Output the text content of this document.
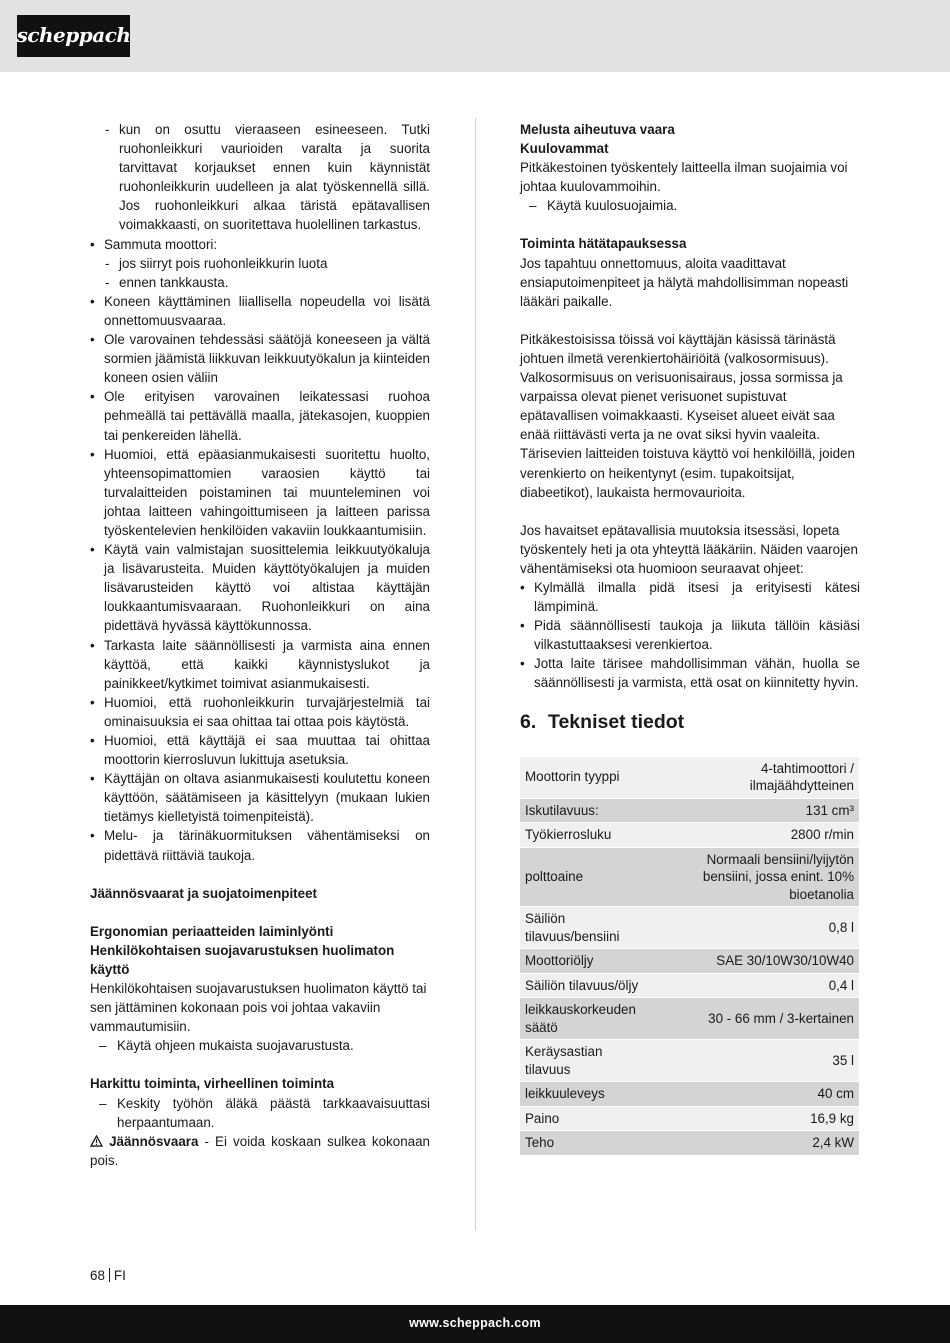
scheppach
- kun on osuttu vieraaseen esineeseen. Tutki ruohonleikkuri vaurioiden varalta ja suorita tarvittavat korjaukset ennen kuin käynnistät ruohonleikkurin uudelleen ja alat työskennellä sillä. Jos ruohonleikkuri alkaa täristä epätavallisen voimakkaasti, on suoritettava huolellinen tarkastus.
• Sammuta moottori:
- jos siirryt pois ruohonleikkurin luota
- ennen tankkausta.
• Koneen käyttäminen liiallisella nopeudella voi lisätä onnettomuusvaaraa.
• Ole varovainen tehdessäsi säätöjä koneeseen ja vältä sormien jäämistä liikkuvan leikkuutyökalun ja kiinteiden koneen osien väliin
• Ole erityisen varovainen leikatessasi ruohoa pehmeällä tai pettävällä maalla, jätekasojen, kuoppien tai penkereiden lähellä.
• Huomioi, että epäasianmukaisesti suoritettu huolto, yhteensopimattomien varaosien käyttö tai turvalaitteiden poistaminen tai muunteleminen voi johtaa laitteen vahingoittumiseen ja laitteen parissa työskentelevien henkilöiden vakaviin loukkaantumisiin.
• Käytä vain valmistajan suosittelemia leikkuutyökaluja ja lisävarusteita. Muiden käyttötyökalujen ja muiden lisävarusteiden käyttö voi altistaa käyttäjän loukkaantumisvaaraan. Ruohonleikkuri on aina pidettävä hyvässä käyttökunnossa.
• Tarkasta laite säännöllisesti ja varmista aina ennen käyttöä, että kaikki käynnistyslukot ja painikkeet/kytkimet toimivat asianmukaisesti.
• Huomioi, että ruohonleikkurin turvajärjestelmiä tai ominaisuuksia ei saa ohittaa tai ottaa pois käytöstä.
• Huomioi, että käyttäjä ei saa muuttaa tai ohittaa moottorin kierrosluvun lukittuja asetuksia.
• Käyttäjän on oltava asianmukaisesti koulutettu koneen käyttöön, säätämiseen ja käsittelyyn (mukaan lukien tietämys kielletyistä toimenpiteistä).
• Melu- ja tärinäkuormituksen vähentämiseksi on pidettävä riittäviä taukoja.
Jäännösvaarat ja suojatoimenpiteet
Ergonomian periaatteiden laiminlyönti
Henkilökohtaisen suojavarustuksen huolimaton käyttö
Henkilökohtaisen suojavarustuksen huolimaton käyttö tai sen jättäminen kokonaan pois voi johtaa vakaviin vammautumisiin.
– Käytä ohjeen mukaista suojavarustusta.
Harkittu toiminta, virheellinen toiminta
– Keskity työhön äläkä päästä tarkkaavaisuuttasi herpaantumaan.

Jäännösvaara - Ei voida koskaan sulkea kokonaan pois.

Melusta aiheutuva vaara
Kuulovammat
Pitkäkestoinen työskentely laitteella ilman suojaimia voi johtaa kuulovammoihin.
– Käytä kuulosuojaimia.
Toiminta hätätapauksessa
Jos tapahtuu onnettomuus, aloita vaadittavat ensiaputoimenpiteet ja hälytä mahdollisimman nopeasti lääkäri paikalle.
Pitkäkestoisissa töissä voi käyttäjän käsissä tärinästä johtuen ilmetä verenkiertohäiriöitä (valkosormisuus). Valkosormisuus on verisuonisairaus, jossa sormissa ja varpaissa olevat pienet verisuonet supistuvat epätavallisen voimakkaasti. Kyseiset alueet eivät saa enää riittävästi verta ja ne ovat siksi hyvin vaaleita. Tärisevien laitteiden toistuva käyttö voi henkilöillä, joiden verenkierto on heikentynyt (esim. tupakoitsijat, diabeetikot), laukaista hermovaurioita.
Jos havaitset epätavallisia muutoksia itsessäsi, lopeta työskentely heti ja ota yhteyttä lääkäriin. Näiden vaarojen vähentämiseksi ota huomioon seuraavat ohjeet:
• Kylmällä ilmalla pidä itsesi ja erityisesti kätesi lämpiminä.
• Pidä säännöllisesti taukoja ja liikuta tällöin käsiäsi vilkastuttaaksesi verenkiertoa.
• Jotta laite tärisee mahdollisimman vähän, huolla se säännöllisesti ja varmista, että osat on kiinnitetty hyvin.
6. Tekniset tiedot
Moottorin tyyppi	4-tahtimoottori / ilmajäähdytteinen
Iskutilavuus:	131 cm³
Työkierrosluku	2800 r/min
polttoaine	Normaali bensiini/lyijytön bensiini, jossa enint. 10% bioetanolia
Säiliön tilavuus/bensiini	0,8 l
Moottoriöljy	SAE 30/10W30/10W40
Säiliön tilavuus/öljy	0,4 l
leikkauskorkeuden säätö	30 - 66 mm / 3-kertainen
Keräysastian tilavuus	35 l
leikkuuleveys	40 cm
Paino	16,9 kg
Teho	2,4 kW
68 FI
www.scheppach.com
